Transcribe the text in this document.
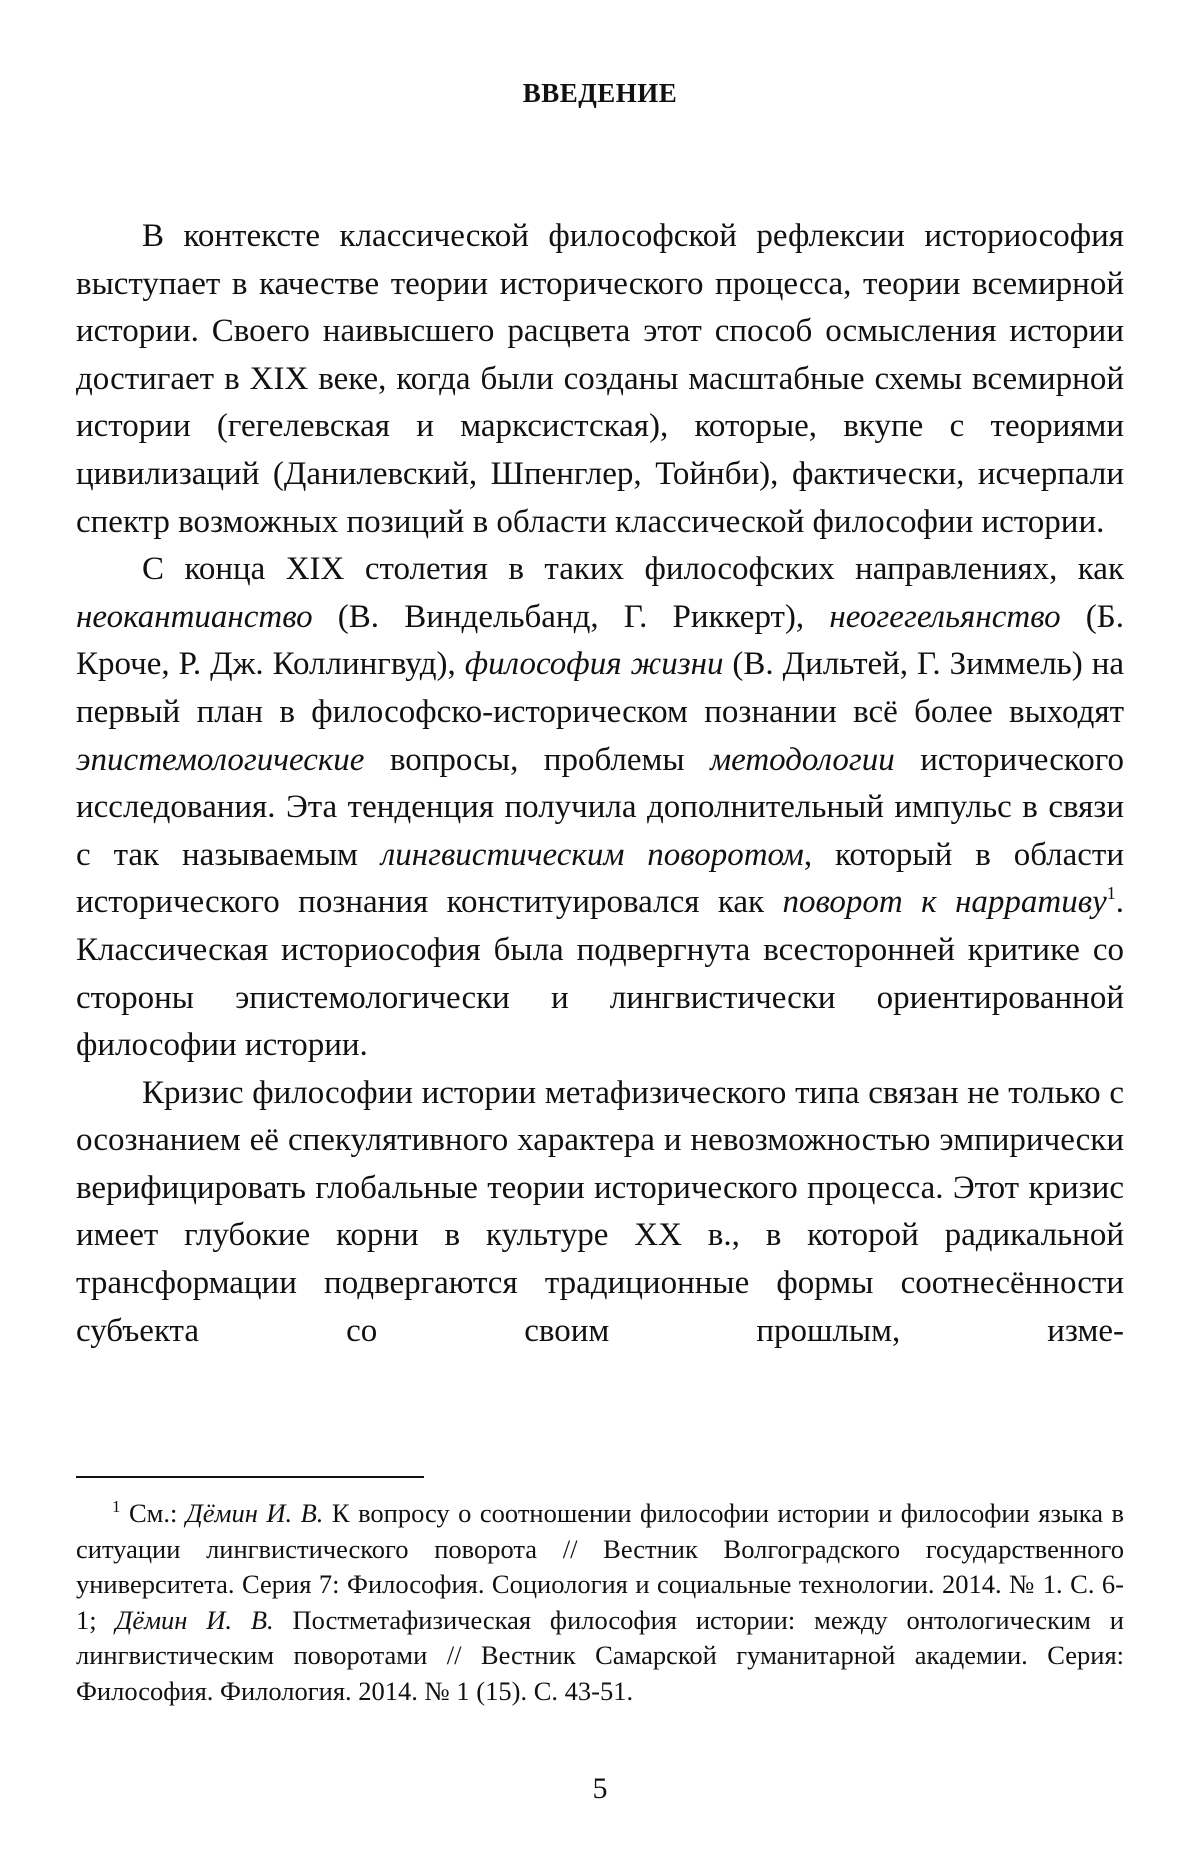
ВВЕДЕНИЕ

В контексте классической философской рефлексии историософия выступает в качестве теории исторического процесса, теории всемирной истории. Своего наивысшего расцвета этот способ осмысления истории достигает в XIX веке, когда были созданы масштабные схемы всемирной истории (гегелевская и марксистская), которые, вкупе с теориями цивилизаций (Данилевский, Шпенглер, Тойнби), фактически, исчерпали спектр возможных позиций в области классической философии истории.

С конца XIX столетия в таких философских направлениях, как неокантианство (В. Виндельбанд, Г. Риккерт), неогегельянство (Б. Кроче, Р. Дж. Коллингвуд), философия жизни (В. Дильтей, Г. Зиммель) на первый план в философско-историческом познании всё более выходят эпистемологические вопросы, проблемы методологии исторического исследования. Эта тенденция получила дополнительный импульс в связи с так называемым лингвистическим поворотом, который в области исторического познания конституировался как поворот к нарративу$^1$. Классическая историософия была подвергнута всесторонней критике со стороны эпистемологически и лингвистически ориентированной философии истории.

Кризис философии истории метафизического типа связан не только с осознанием её спекулятивного характера и невозможностью эмпирически верифицировать глобальные теории исторического процесса. Этот кризис имеет глубокие корни в культуре XX в., в которой радикальной трансформации подвергаются традиционные формы соотнесённости субъекта со своим прошлым, изме-

$^1$ См.: Дёмин И. В. К вопросу о соотношении философии истории и философии языка в ситуации лингвистического поворота // Вестник Волгоградского государственного университета. Серия 7: Философия. Социология и социальные технологии. 2014. № 1. С. 6-1; Дёмин И. В. Постметафизическая философия истории: между онтологическим и лингвистическим поворотами // Вестник Самарской гуманитарной академии. Серия: Философия. Филология. 2014. № 1 (15). С. 43-51.

5
